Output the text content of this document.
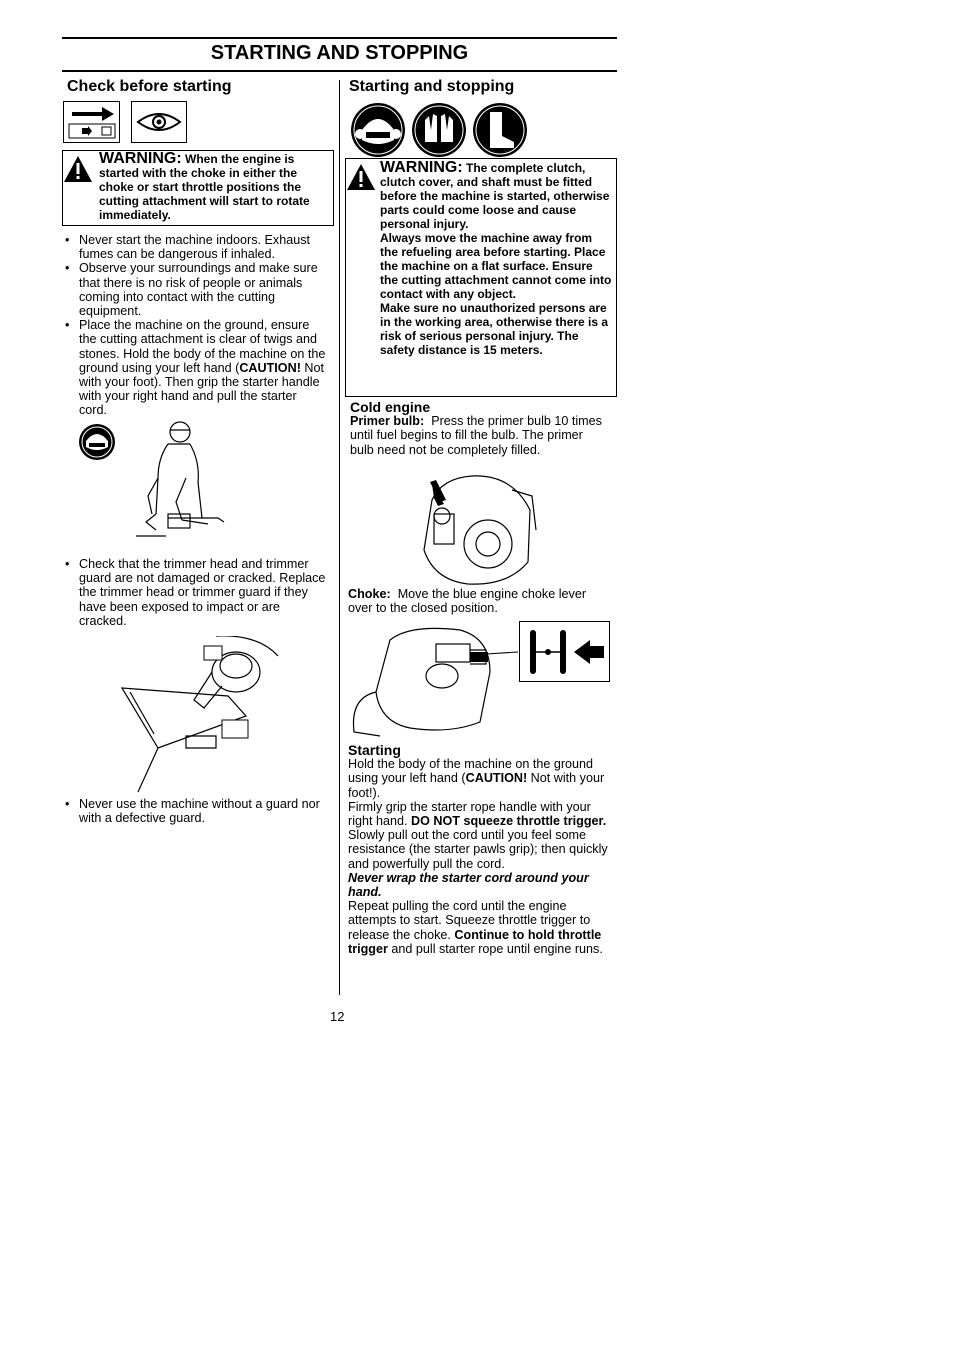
STARTING AND STOPPING
Check before starting
WARNING: When the engine is started with the choke in either the choke or start throttle positions the cutting attachment will start to rotate immediately.
• Never start the machine indoors. Exhaust fumes can be dangerous if inhaled.
• Observe your surroundings and make sure that there is no risk of people or animals coming into contact with the cutting equipment.
• Place the machine on the ground, ensure the cutting attachment is clear of twigs and stones. Hold the body of the machine on the ground using your left hand (CAUTION! Not with your foot). Then grip the starter handle with your right hand and pull the starter cord.
• Check that the trimmer head and trimmer guard are not damaged or cracked. Replace the trimmer head or trimmer guard if they have been exposed to impact or are cracked.
• Never use the machine without a guard nor with a defective guard.
Starting and stopping
WARNING: The complete clutch, clutch cover, and shaft must be fitted before the machine is started, otherwise parts could come loose and cause personal injury.
Always move the machine away from the refueling area before starting. Place the machine on a flat surface. Ensure the cutting attachment cannot come into contact with any object.
Make sure no unauthorized persons are in the working area, otherwise there is a risk of serious personal injury. The safety distance is 15 meters.
Cold engine
Primer bulb: Press the primer bulb 10 times until fuel begins to fill the bulb. The primer bulb need not be completely filled.
Choke: Move the blue engine choke lever over to the closed position.
Starting
Hold the body of the machine on the ground using your left hand (CAUTION! Not with your foot!).
Firmly grip the starter rope handle with your right hand. DO NOT squeeze throttle trigger. Slowly pull out the cord until you feel some resistance (the starter pawls grip); then quickly and powerfully pull the cord.
Never wrap the starter cord around your hand.
Repeat pulling the cord until the engine attempts to start. Squeeze throttle trigger to release the choke. Continue to hold throttle trigger and pull starter rope until engine runs.
12
